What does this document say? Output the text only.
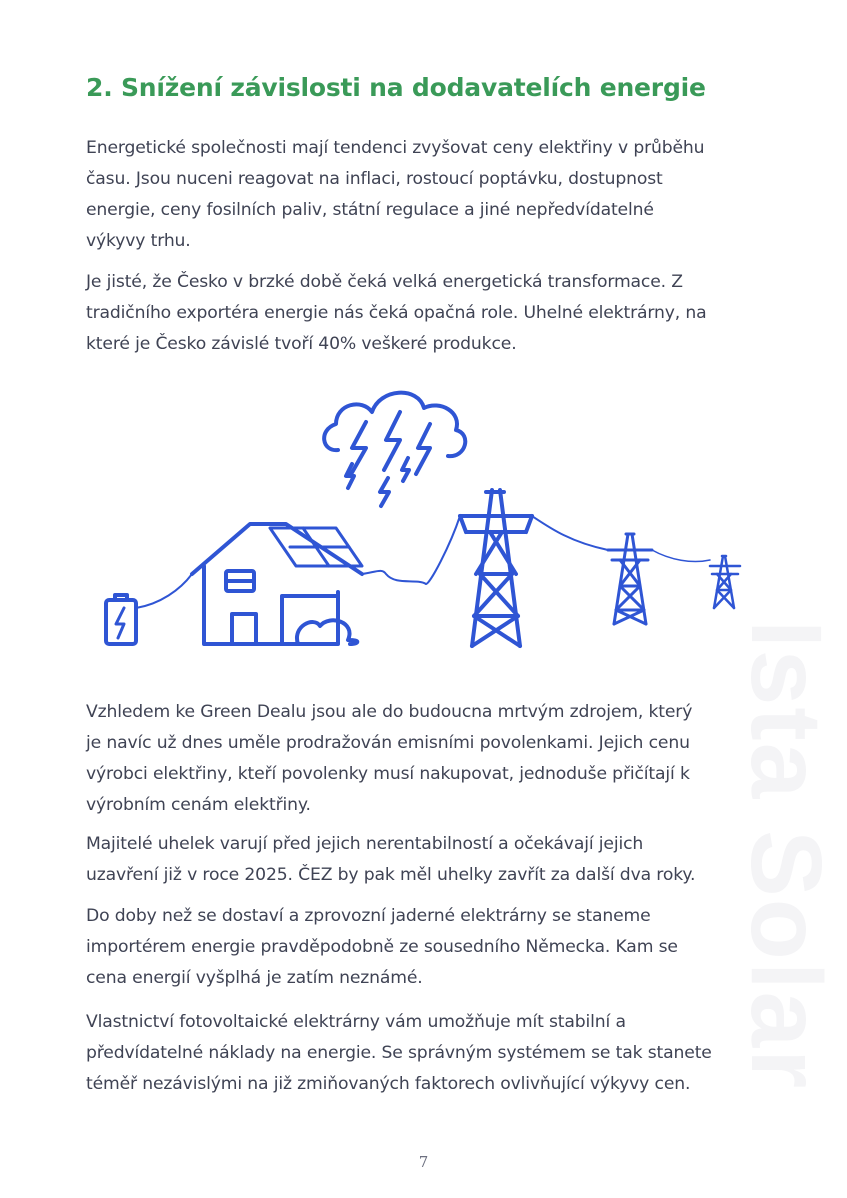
2. Snížení závislosti na dodavatelích energie

Energetické společnosti mají tendenci zvyšovat ceny elektřiny v průběhu
času. Jsou nuceni reagovat na inflaci, rostoucí poptávku, dostupnost
energie, ceny fosilních paliv, státní regulace a jiné nepředvídatelné
výkyvy trhu.

Je jisté, že Česko v brzké době čeká velká energetická transformace. Z
tradičního exportéra energie nás čeká opačná role. Uhelné elektrárny, na
které je Česko závislé tvoří 40% veškeré produkce.

Vzhledem ke Green Dealu jsou ale do budoucna mrtvým zdrojem, který
je navíc už dnes uměle prodražován emisními povolenkami. Jejich cenu
výrobci elektřiny, kteří povolenky musí nakupovat, jednoduše přičítají k
výrobním cenám elektřiny.

Majitelé uhelek varují před jejich nerentabilností a očekávají jejich
uzavření již v roce 2025. ČEZ by pak měl uhelky zavřít za další dva roky.

Do doby než se dostaví a zprovozní jaderné elektrárny se staneme
importérem energie pravděpodobně ze sousedního Německa. Kam se
cena energií vyšplhá je zatím neznámé.

Vlastnictví fotovoltaické elektrárny vám umožňuje mít stabilní a
předvídatelné náklady na energie. Se správným systémem se tak stanete
téměř nezávislými na již zmiňovaných faktorech ovlivňující výkyvy cen. Ista Solar
7
